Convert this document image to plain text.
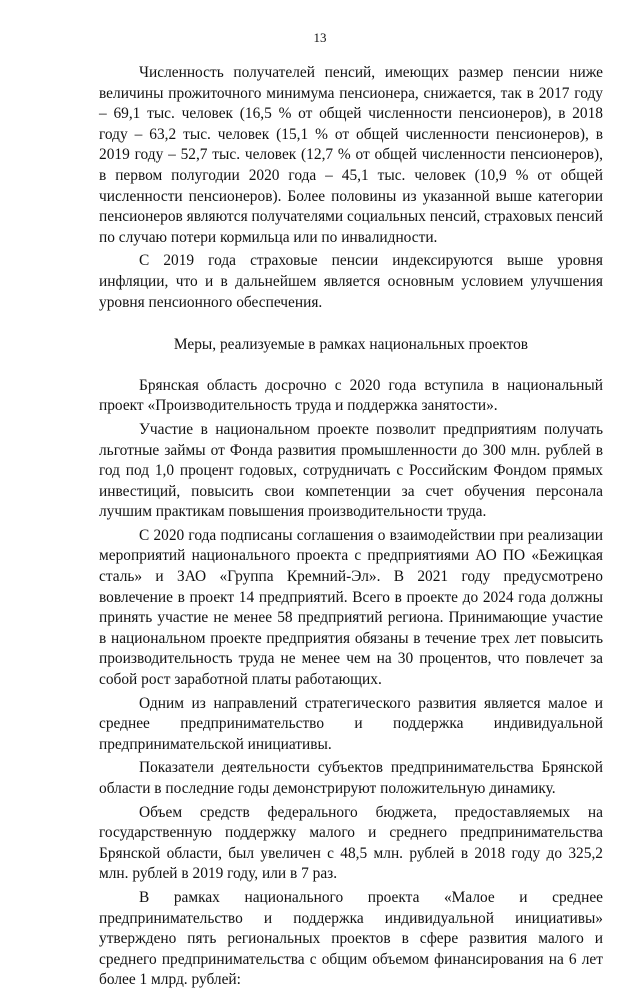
13

Численность получателей пенсий, имеющих размер пенсии ниже величины прожиточного минимума пенсионера, снижается, так в 2017 году – 69,1 тыс. человек (16,5 % от общей численности пенсионеров), в 2018 году – 63,2 тыс. человек (15,1 % от общей численности пенсионеров), в 2019 году – 52,7 тыс. человек (12,7 % от общей численности пенсионеров), в первом полугодии 2020 года – 45,1 тыс. человек (10,9 % от общей численности пенсионеров). Более половины из указанной выше категории пенсионеров являются получателями социальных пенсий, страховых пенсий по случаю потери кормильца или по инвалидности.

С 2019 года страховые пенсии индексируются выше уровня инфляции, что и в дальнейшем является основным условием улучшения уровня пенсионного обеспечения.

Меры, реализуемые в рамках национальных проектов

Брянская область досрочно с 2020 года вступила в национальный проект «Производительность труда и поддержка занятости».

Участие в национальном проекте позволит предприятиям получать льготные займы от Фонда развития промышленности до 300 млн. рублей в год под 1,0 процент годовых, сотрудничать с Российским Фондом прямых инвестиций, повысить свои компетенции за счет обучения персонала лучшим практикам повышения производительности труда.

С 2020 года подписаны соглашения о взаимодействии при реализации мероприятий национального проекта с предприятиями АО ПО «Бежицкая сталь» и ЗАО «Группа Кремний-Эл». В 2021 году предусмотрено вовлечение в проект 14 предприятий. Всего в проекте до 2024 года должны принять участие не менее 58 предприятий региона. Принимающие участие в национальном проекте предприятия обязаны в течение трех лет повысить производительность труда не менее чем на 30 процентов, что повлечет за собой рост заработной платы работающих.

Одним из направлений стратегического развития является малое и среднее предпринимательство и поддержка индивидуальной предпринимательской инициативы.

Показатели деятельности субъектов предпринимательства Брянской области в последние годы демонстрируют положительную динамику.

Объем средств федерального бюджета, предоставляемых на государственную поддержку малого и среднего предпринимательства Брянской области, был увеличен с 48,5 млн. рублей в 2018 году до 325,2 млн. рублей в 2019 году, или в 7 раз.

В рамках национального проекта «Малое и среднее предпринимательство и поддержка индивидуальной инициативы» утверждено пять региональных проектов в сфере развития малого и среднего предпринимательства с общим объемом финансирования на 6 лет более 1 млрд. рублей:
